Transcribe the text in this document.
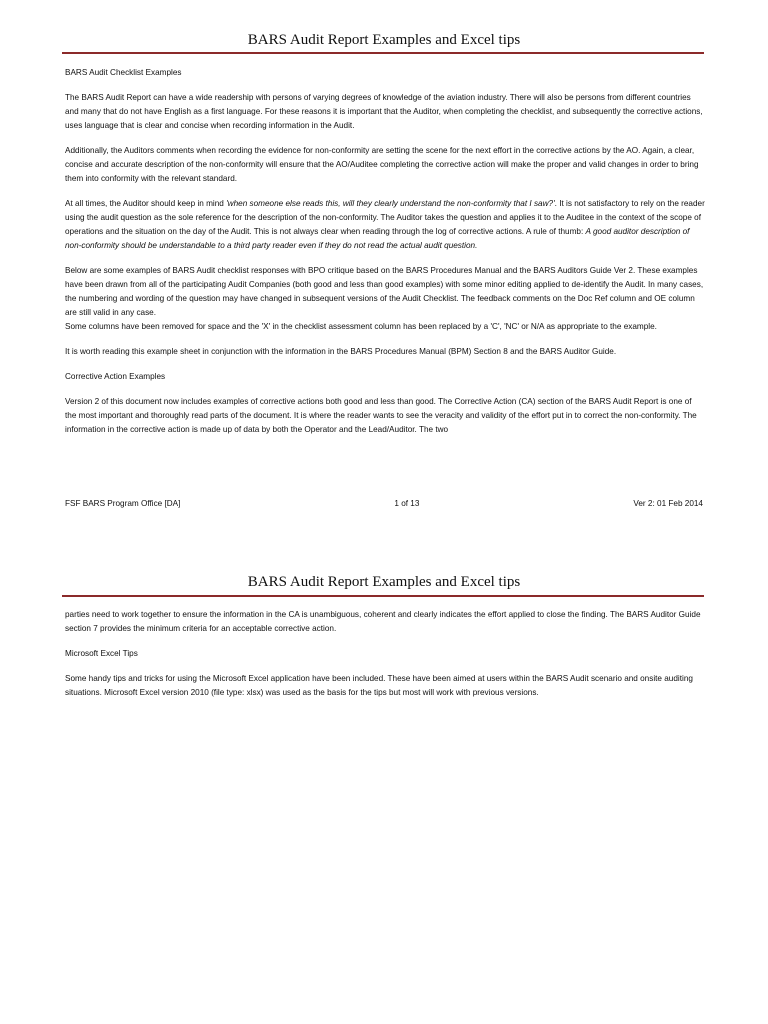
BARS Audit Report Examples and Excel tips
BARS Audit Checklist Examples

The BARS Audit Report can have a wide readership with persons of varying degrees of knowledge of the aviation industry. There will also be persons from different countries and many that do not have English as a first language. For these reasons it is important that the Auditor, when completing the checklist, and subsequently the corrective actions, uses language that is clear and concise when recording information in the Audit.

Additionally, the Auditors comments when recording the evidence for non-conformity are setting the scene for the next effort in the corrective actions by the AO. Again, a clear, concise and accurate description of the non-conformity will ensure that the AO/Auditee completing the corrective action will make the proper and valid changes in order to bring them into conformity with the relevant standard.

At all times, the Auditor should keep in mind 'when someone else reads this, will they clearly understand the non-conformity that I saw?'. It is not satisfactory to rely on the reader using the audit question as the sole reference for the description of the non-conformity. The Auditor takes the question and applies it to the Auditee in the context of the scope of operations and the situation on the day of the Audit. This is not always clear when reading through the log of corrective actions. A rule of thumb: A good auditor description of non-conformity should be understandable to a third party reader even if they do not read the actual audit question.

Below are some examples of BARS Audit checklist responses with BPO critique based on the BARS Procedures Manual and the BARS Auditors Guide Ver 2. These examples have been drawn from all of the participating Audit Companies (both good and less than good examples) with some minor editing applied to de-identify the Audit. In many cases, the numbering and wording of the question may have changed in subsequent versions of the Audit Checklist. The feedback comments on the Doc Ref column and OE column are still valid in any case.

Some columns have been removed for space and the 'X' in the checklist assessment column has been replaced by a 'C', 'NC' or N/A as appropriate to the example.

It is worth reading this example sheet in conjunction with the information in the BARS Procedures Manual (BPM) Section 8 and the BARS Auditor Guide.

Corrective Action Examples

Version 2 of this document now includes examples of corrective actions both good and less than good. The Corrective Action (CA) section of the BARS Audit Report is one of the most important and thoroughly read parts of the document. It is where the reader wants to see the veracity and validity of the effort put in to correct the non-conformity. The information in the corrective action is made up of data by both the Operator and the Lead/Auditor. The two

FSF BARS Program Office [DA]	1 of 13	Ver 2: 01 Feb 2014
BARS Audit Report Examples and Excel tips

parties need to work together to ensure the information in the CA is unambiguous, coherent and clearly indicates the effort applied to close the finding. The BARS Auditor Guide section 7 provides the minimum criteria for an acceptable corrective action.

Microsoft Excel Tips

Some handy tips and tricks for using the Microsoft Excel application have been included. These have been aimed at users within the BARS Audit scenario and onsite auditing situations. Microsoft Excel version 2010 (file type: xlsx) was used as the basis for the tips but most will work with previous versions.
